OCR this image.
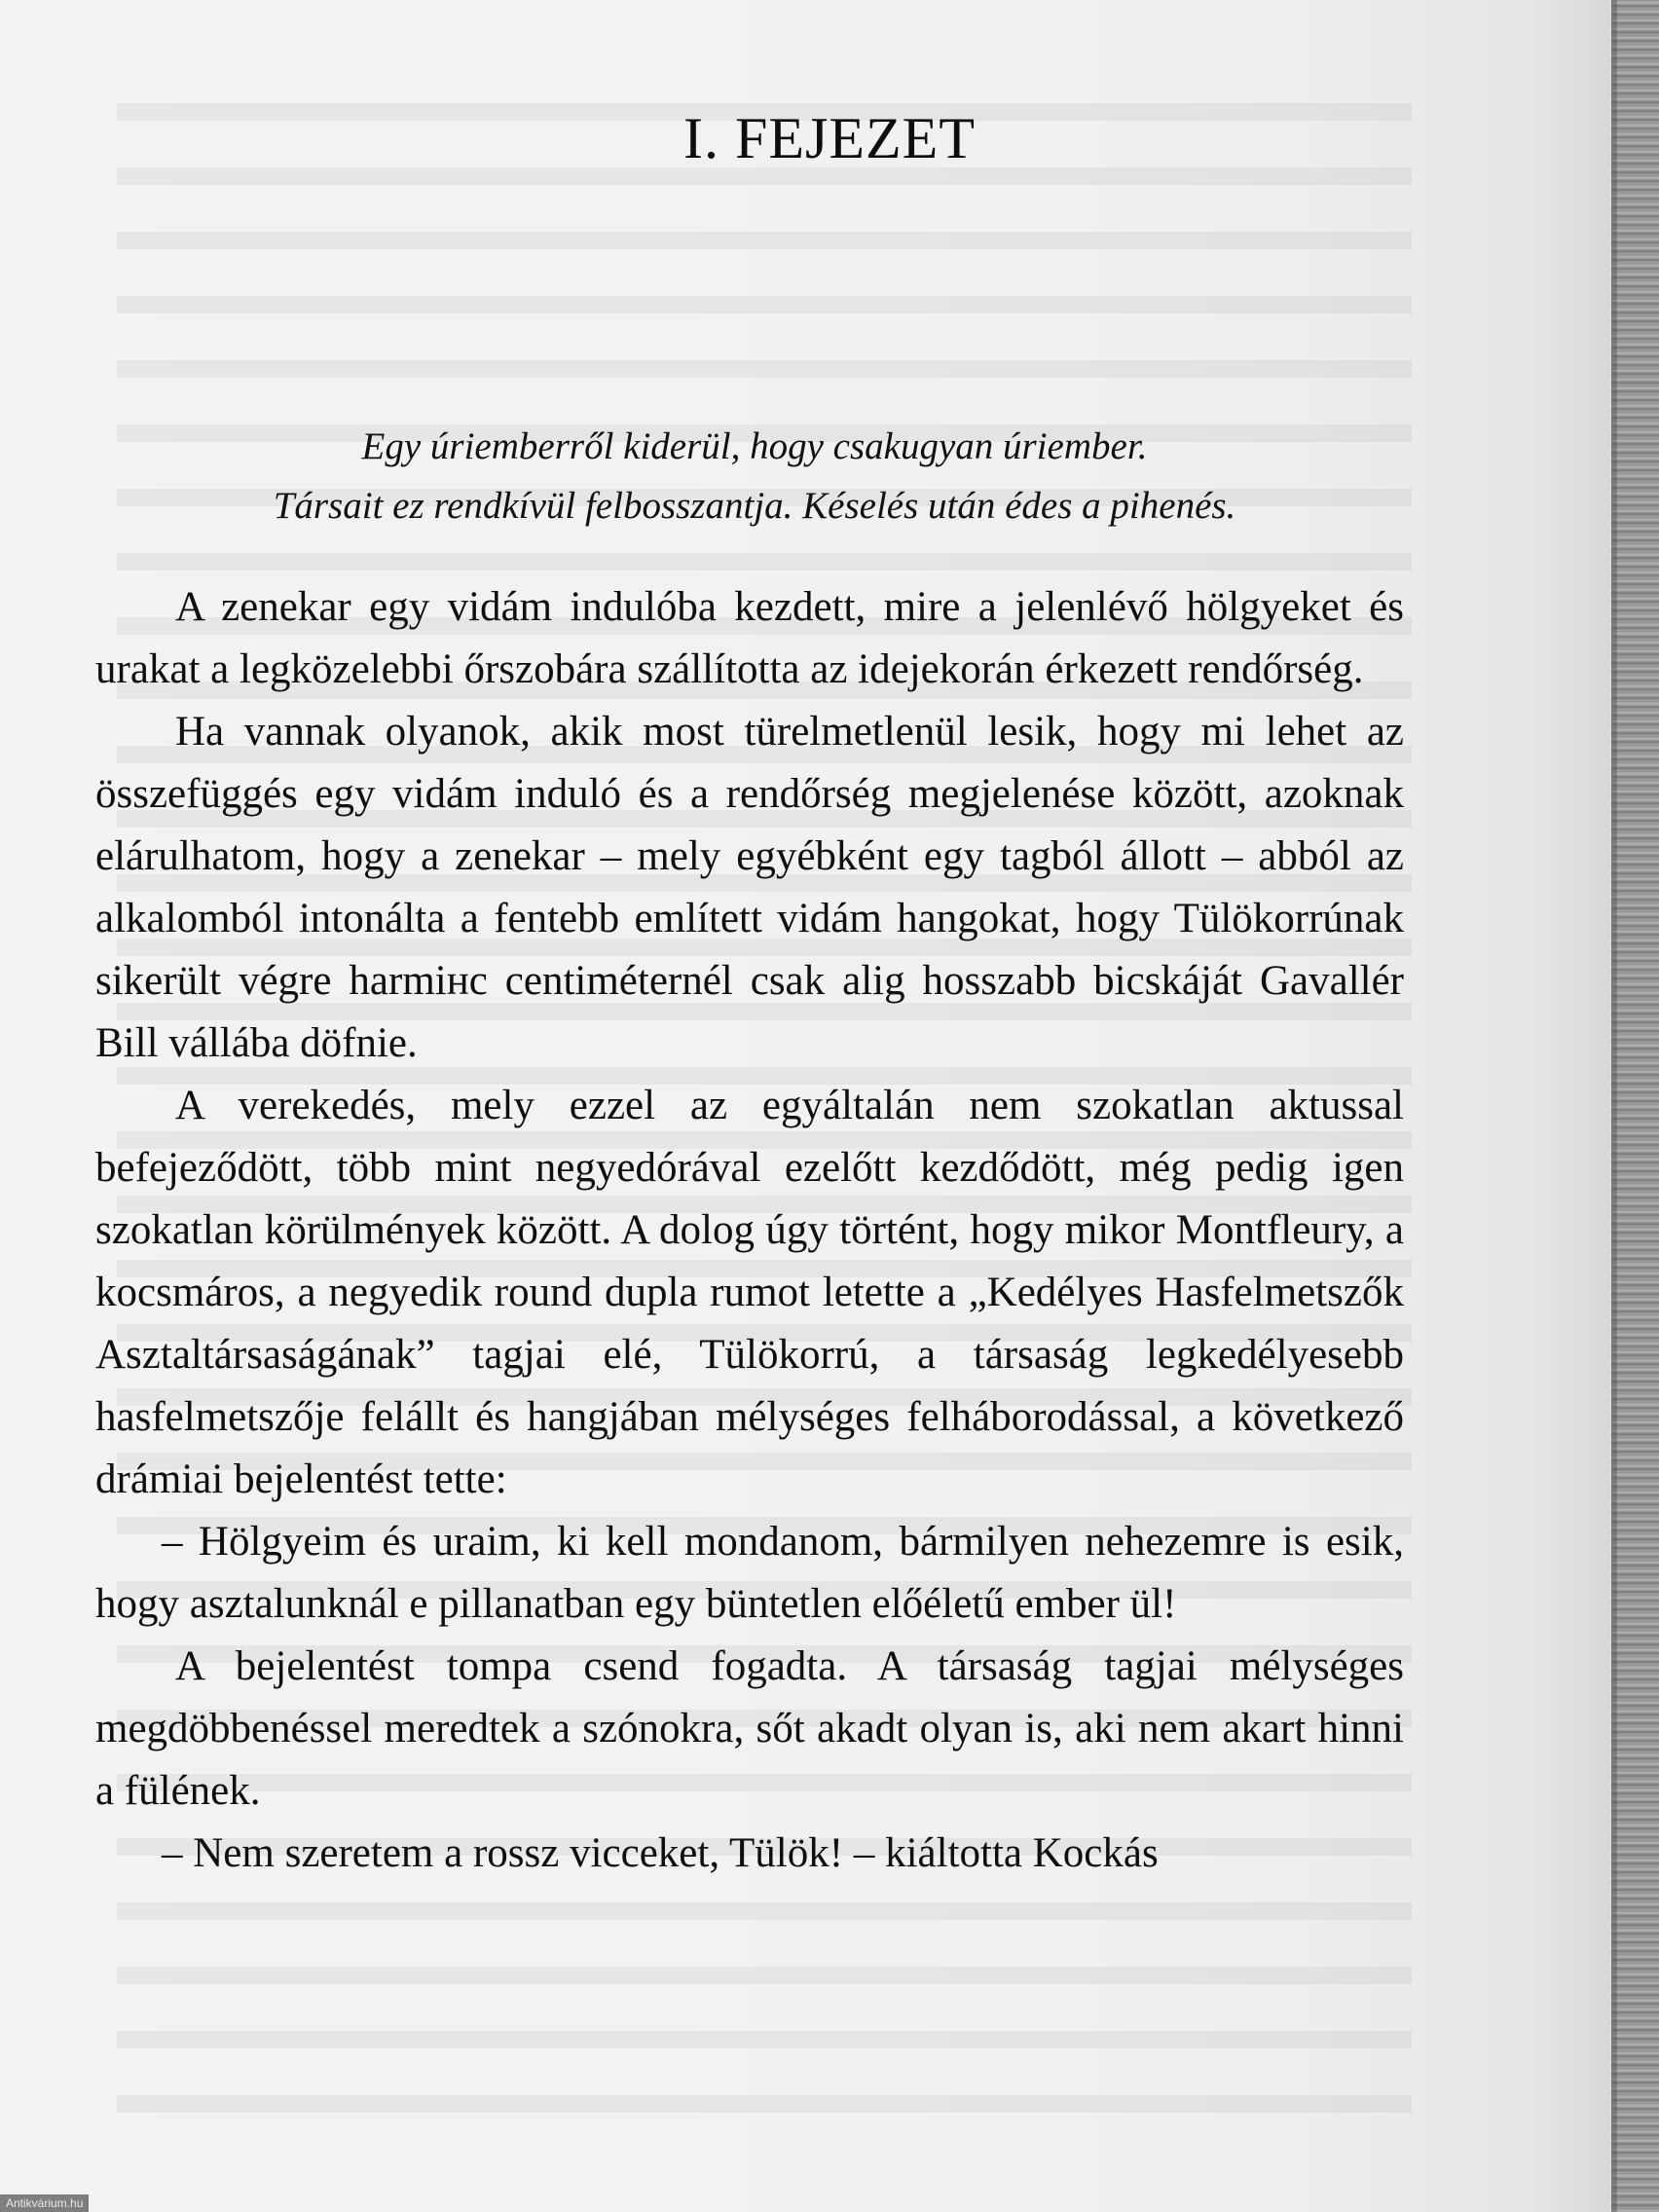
I. FEJEZET
Egy úriemberről kiderül, hogy csakugyan úriember.
Társait ez rendkívül felbosszantja. Késelés után édes a pihenés.

A zenekar egy vidám indulóba kezdett, mire a jelenlévő hölgyeket és urakat a legközelebbi őrszobára szállította az idejekorán érkezett rendőrség.

Ha vannak olyanok, akik most türelmetlenül lesik, hogy mi lehet az összefüggés egy vidám induló és a rendőrség megjelenése között, azoknak elárulhatom, hogy a zenekar – mely egyébként egy tagból állott – abból az alkalomból intonálta a fentebb említett vidám hangokat, hogy Tülökorrúnak sikerült végre harmінc centiméternél csak alig hosszabb bicskáját Gavallér Bill vállába döfnie.

A verekedés, mely ezzel az egyáltalán nem szokatlan aktussal befejeződött, több mint negyedórával ezelőtt kezdődött, még pedig igen szokatlan körülmények között. A dolog úgy történt, hogy mikor Montfleury, a kocsmáros, a negyedik round dupla rumot letette a „Kedélyes Hasfelmetszők Asztaltársaságának” tagjai elé, Tülökorrú, a társaság legkedélyesebb hasfelmetszője felállt és hangjában mélységes felháborodással, a következő drámiai bejelentést tette:

– Hölgyeim és uraim, ki kell mondanom, bármilyen nehezemre is esik, hogy asztalunknál e pillanatban egy büntetlen előéletű ember ül!

A bejelentést tompa csend fogadta. A társaság tagjai mélységes megdöbbenéssel meredtek a szónokra, sőt akadt olyan is, aki nem akart hinni a fülének.

– Nem szeretem a rossz vicceket, Tülök! – kiáltotta Kockás

Antikvárium.hu
